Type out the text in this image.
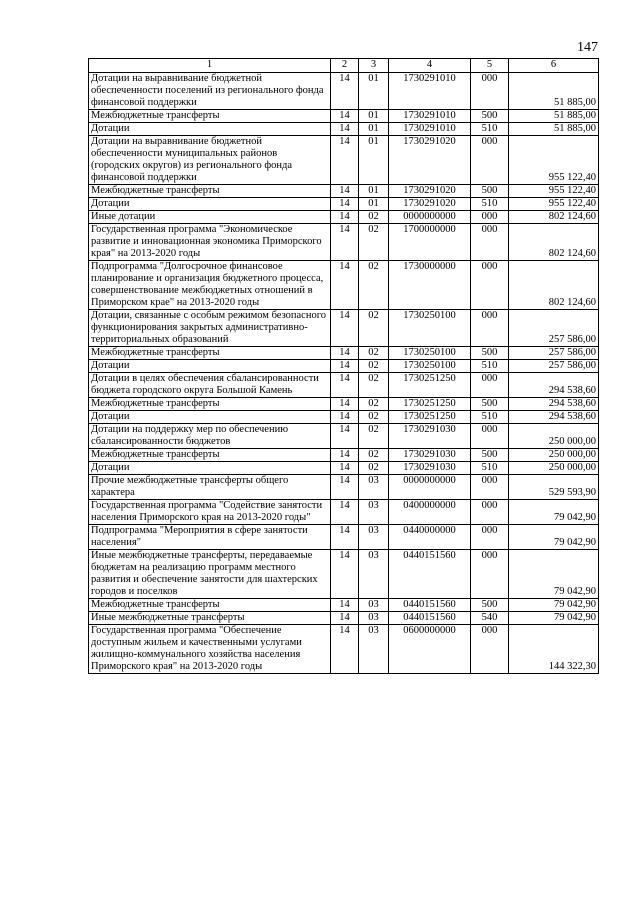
147
1	2	3	4	5	6
Дотации на выравнивание бюджетной обеспеченности поселений из регионального фонда финансовой поддержки	14	01	1730291010	000	51 885,00
Межбюджетные трансферты	14	01	1730291010	500	51 885,00
Дотации	14	01	1730291010	510	51 885,00
Дотации на выравнивание бюджетной обеспеченности муниципальных районов (городских округов) из регионального фонда финансовой поддержки	14	01	1730291020	000	955 122,40
Межбюджетные трансферты	14	01	1730291020	500	955 122,40
Дотации	14	01	1730291020	510	955 122,40
Иные дотации	14	02	0000000000	000	802 124,60
Государственная программа "Экономическое развитие и инновационная экономика Приморского края" на 2013-2020 годы	14	02	1700000000	000	802 124,60
Подпрограмма "Долгосрочное финансовое планирование и организация бюджетного процесса, совершенствование межбюджетных отношений в Приморском крае" на 2013-2020 годы	14	02	1730000000	000	802 124,60
Дотации, связанные с особым режимом безопасного функционирования закрытых административно-территориальных образований	14	02	1730250100	000	257 586,00
Межбюджетные трансферты	14	02	1730250100	500	257 586,00
Дотации	14	02	1730250100	510	257 586,00
Дотации в целях обеспечения сбалансированности бюджета городского округа Большой Камень	14	02	1730251250	000	294 538,60
Межбюджетные трансферты	14	02	1730251250	500	294 538,60
Дотации	14	02	1730251250	510	294 538,60
Дотации на поддержку мер по обеспечению сбалансированности бюджетов	14	02	1730291030	000	250 000,00
Межбюджетные трансферты	14	02	1730291030	500	250 000,00
Дотации	14	02	1730291030	510	250 000,00
Прочие межбюджетные трансферты общего характера	14	03	0000000000	000	529 593,90
Государственная программа "Содействие занятости населения Приморского края на 2013-2020 годы"	14	03	0400000000	000	79 042,90
Подпрограмма "Мероприятия в сфере занятости населения"	14	03	0440000000	000	79 042,90
Иные межбюджетные трансферты, передаваемые бюджетам на реализацию программ местного развития и обеспечение занятости для шахтерских городов и поселков	14	03	0440151560	000	79 042,90
Межбюджетные трансферты	14	03	0440151560	500	79 042,90
Иные межбюджетные трансферты	14	03	0440151560	540	79 042,90
Государственная программа "Обеспечение доступным жильем и качественными услугами жилищно-коммунального хозяйства населения Приморского края" на 2013-2020 годы	14	03	0600000000	000	144 322,30
